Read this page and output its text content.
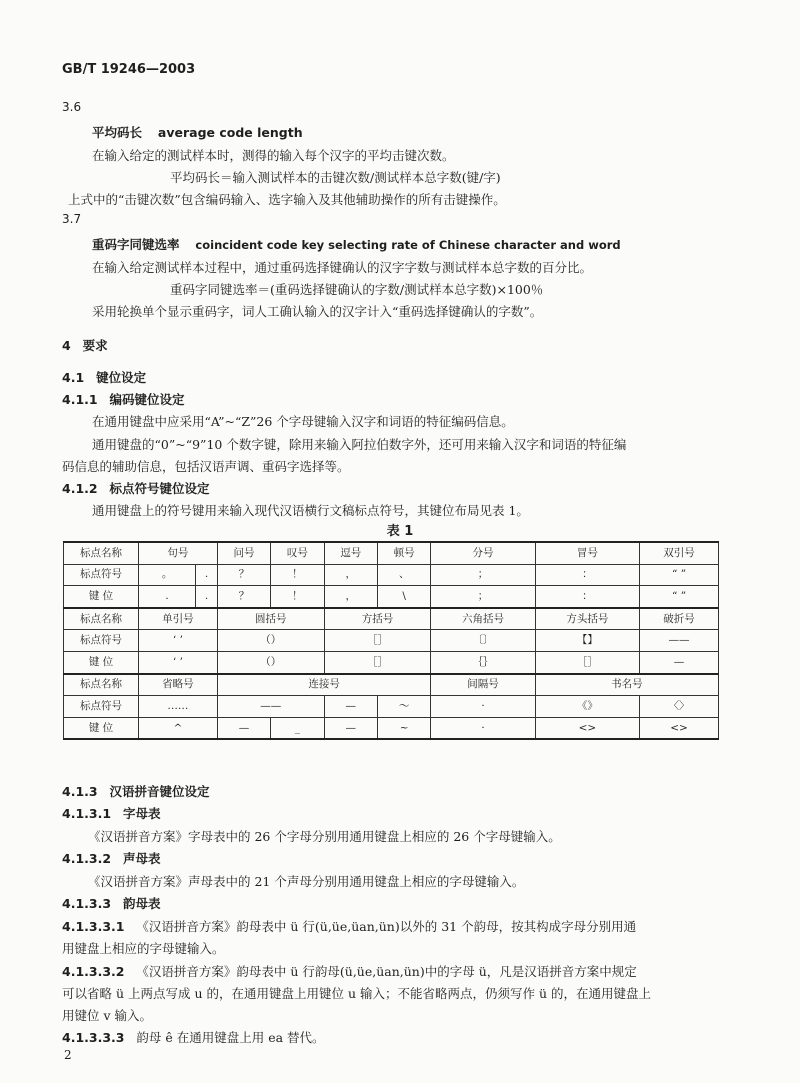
GB/T 19246—2003
3.6
平均码长 average code length
在输入给定的测试样本时，测得的输入每个汉字的平均击键次数。
平均码长＝输入测试样本的击键次数/测试样本总字数(键/字)
上式中的“击键次数”包含编码输入、选字输入及其他辅助操作的所有击键操作。
3.7
重码字同键选率 coincident code key selecting rate of Chinese character and word
在输入给定测试样本过程中，通过重码选择键确认的汉字字数与测试样本总字数的百分比。
重码字同键选率＝(重码选择键确认的字数/测试样本总字数)×100％
采用轮换单个显示重码字，词人工确认输入的汉字计入“重码选择键确认的字数”。
4 要求
4.1 键位设定
4.1.1 编码键位设定
在通用键盘中应采用“A”~“Z”26 个字母键输入汉字和词语的特征编码信息。
通用键盘的“0”~“9”10 个数字键，除用来输入阿拉伯数字外，还可用来输入汉字和词语的特征编
码信息的辅助信息，包括汉语声调、重码字选择等。
4.1.2 标点符号键位设定
通用键盘上的符号键用来输入现代汉语横行文稿标点符号，其键位布局见表 1。
表 1
标点名称	句号		问号	叹号	逗号	顿号	分号	冒号	双引号
标点符号	。	.	？	！	，	、	；	：	“ ”
键 位	.	.	？	！	，	\	；	：	“ ”
标点名称	单引号		圆括号		方括号		六角括号	方头括号	破折号
标点符号	‘ ’		（）		［］		〔〕	【】	——
键 位	‘ ’		（）		［］		｛｝	［］	—
标点名称	省略号		连接号				间隔号	书名号	
标点符号	……		——		—	～	·	《》	〈〉
键 位	^		—	_	—	~	·	<>	<>
4.1.3 汉语拼音键位设定
4.1.3.1 字母表
《汉语拼音方案》字母表中的 26 个字母分别用通用键盘上相应的 26 个字母键输入。
4.1.3.2 声母表
《汉语拼音方案》声母表中的 21 个声母分别用通用键盘上相应的字母键输入。
4.1.3.3 韵母表
4.1.3.3.1 《汉语拼音方案》韵母表中 ü 行(ü,üe,üan,ün)以外的 31 个韵母，按其构成字母分别用通
用键盘上相应的字母键输入。
4.1.3.3.2 《汉语拼音方案》韵母表中 ü 行韵母(ü,üe,üan,ün)中的字母 ü，凡是汉语拼音方案中规定
可以省略 ü 上两点写成 u 的，在通用键盘上用键位 u 输入；不能省略两点，仍须写作 ü 的，在通用键盘上
用键位 v 输入。
4.1.3.3.3 韵母 ê 在通用键盘上用 ea 替代。
2
